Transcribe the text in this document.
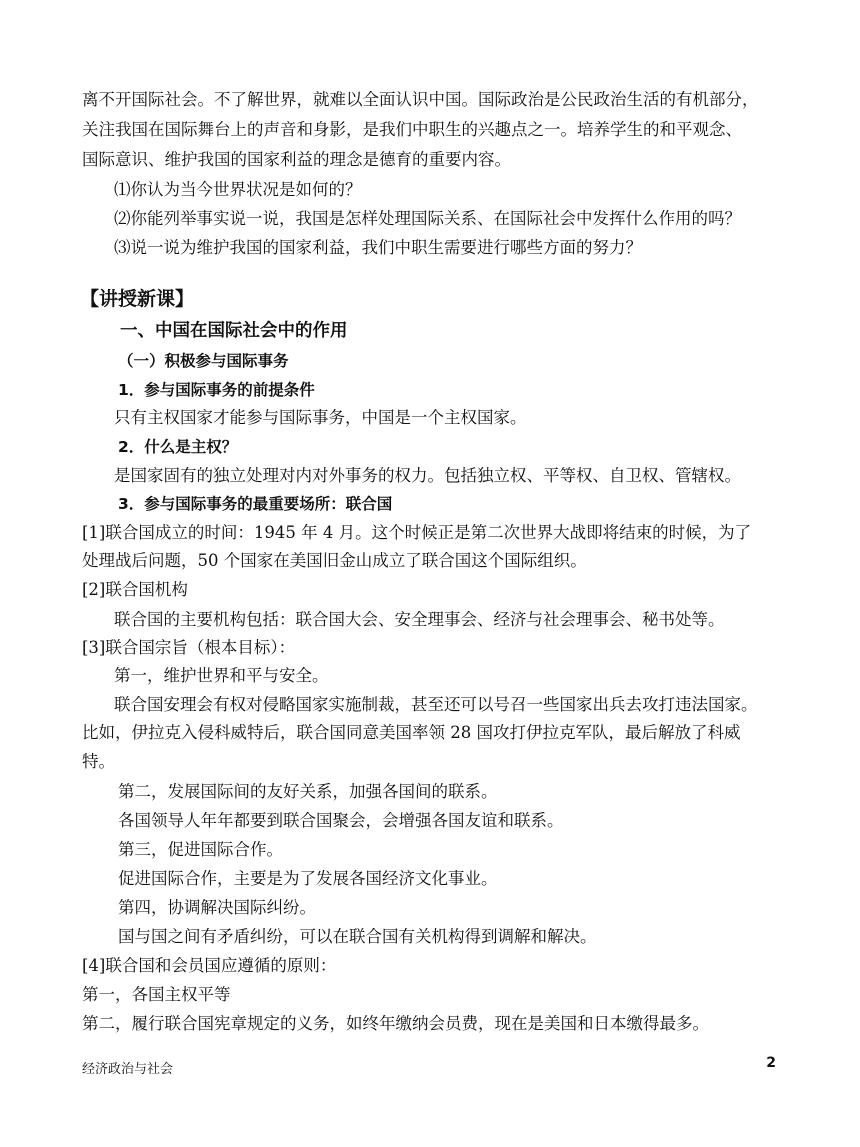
离不开国际社会。不了解世界，就难以全面认识中国。国际政治是公民政治生活的有机部分，
关注我国在国际舞台上的声音和身影，是我们中职生的兴趣点之一。培养学生的和平观念、
国际意识、维护我国的国家利益的理念是德育的重要内容。
⑴你认为当今世界状况是如何的？
⑵你能列举事实说一说，我国是怎样处理国际关系、在国际社会中发挥什么作用的吗？
⑶说一说为维护我国的国家利益，我们中职生需要进行哪些方面的努力？
【讲授新课】
一、中国在国际社会中的作用
（一）积极参与国际事务
1．参与国际事务的前提条件
只有主权国家才能参与国际事务，中国是一个主权国家。
2．什么是主权？
是国家固有的独立处理对内对外事务的权力。包括独立权、平等权、自卫权、管辖权。
3．参与国际事务的最重要场所：联合国
[1]联合国成立的时间：1945 年 4 月。这个时候正是第二次世界大战即将结束的时候，为了
处理战后问题，50 个国家在美国旧金山成立了联合国这个国际组织。
[2]联合国机构
联合国的主要机构包括：联合国大会、安全理事会、经济与社会理事会、秘书处等。
[3]联合国宗旨（根本目标）：
第一，维护世界和平与安全。
联合国安理会有权对侵略国家实施制裁，甚至还可以号召一些国家出兵去攻打违法国家。
比如，伊拉克入侵科威特后，联合国同意美国率领 28 国攻打伊拉克军队，最后解放了科威
特。
第二，发展国际间的友好关系，加强各国间的联系。
各国领导人年年都要到联合国聚会，会增强各国友谊和联系。
第三，促进国际合作。
促进国际合作，主要是为了发展各国经济文化事业。
第四，协调解决国际纠纷。
国与国之间有矛盾纠纷，可以在联合国有关机构得到调解和解决。
[4]联合国和会员国应遵循的原则：
第一，各国主权平等
第二，履行联合国宪章规定的义务，如终年缴纳会员费，现在是美国和日本缴得最多。
经济政治与社会	2
